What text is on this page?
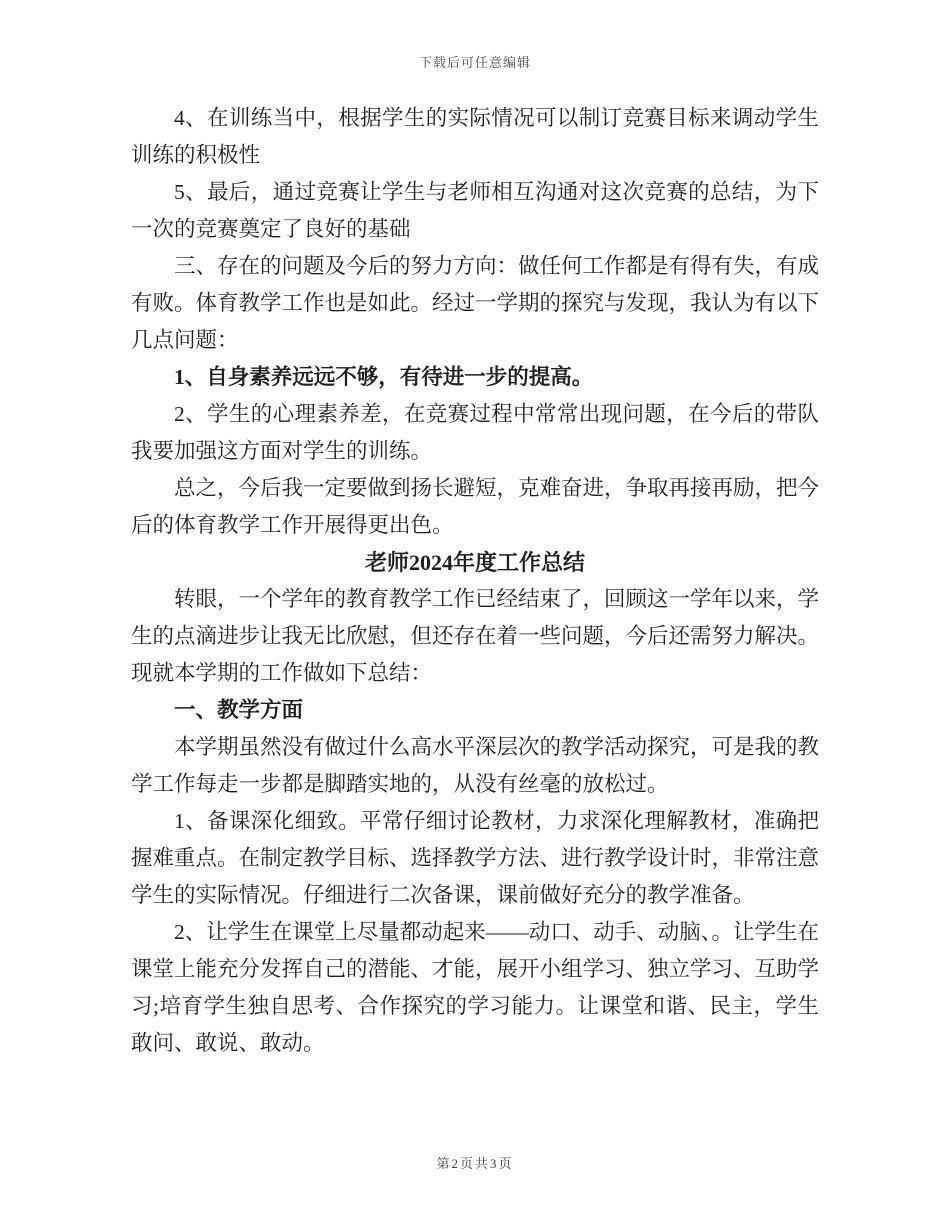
下载后可任意编辑

4、在训练当中，根据学生的实际情况可以制订竞赛目标来调动学生训练的积极性

5、最后，通过竞赛让学生与老师相互沟通对这次竞赛的总结，为下一次的竞赛奠定了良好的基础

三、存在的问题及今后的努力方向：做任何工作都是有得有失，有成有败。体育教学工作也是如此。经过一学期的探究与发现，我认为有以下几点问题：

1、自身素养远远不够，有待进一步的提高。

2、学生的心理素养差，在竞赛过程中常常出现问题，在今后的带队我要加强这方面对学生的训练。

总之，今后我一定要做到扬长避短，克难奋进，争取再接再励，把今后的体育教学工作开展得更出色。

老师2024年度工作总结

转眼，一个学年的教育教学工作已经结束了，回顾这一学年以来，学生的点滴进步让我无比欣慰，但还存在着一些问题，今后还需努力解决。现就本学期的工作做如下总结：

一、教学方面

本学期虽然没有做过什么高水平深层次的教学活动探究，可是我的教学工作每走一步都是脚踏实地的，从没有丝毫的放松过。

1、备课深化细致。平常仔细讨论教材，力求深化理解教材，准确把握难重点。在制定教学目标、选择教学方法、进行教学设计时，非常注意学生的实际情况。仔细进行二次备课，课前做好充分的教学准备。

2、让学生在课堂上尽量都动起来——动口、动手、动脑、。让学生在课堂上能充分发挥自己的潜能、才能，展开小组学习、独立学习、互助学习;培育学生独自思考、合作探究的学习能力。让课堂和谐、民主，学生敢问、敢说、敢动。

第2页共3页
